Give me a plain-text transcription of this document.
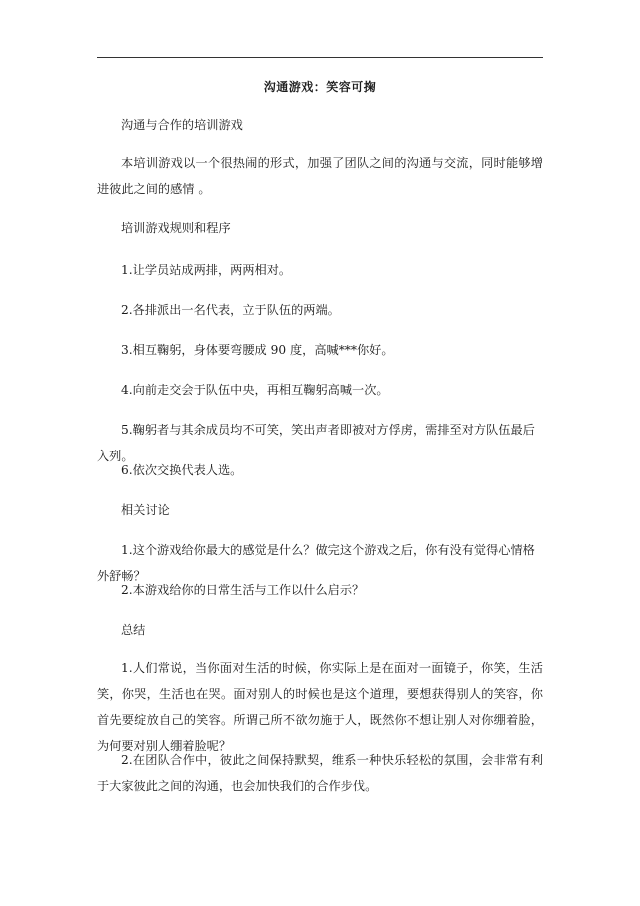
沟通游戏：笑容可掬

沟通与合作的培训游戏

本培训游戏以一个很热闹的形式，加强了团队之间的沟通与交流，同时能够增进彼此之间的感情 。

培训游戏规则和程序

1.让学员站成两排，两两相对。

2.各排派出一名代表，立于队伍的两端。

3.相互鞠躬，身体要弯腰成 90 度，高喊***你好。

4.向前走交会于队伍中央，再相互鞠躬高喊一次。

5.鞠躬者与其余成员均不可笑，笑出声者即被对方俘虏，需排至对方队伍最后入列。

6.依次交换代表人选。

相关讨论

1.这个游戏给你最大的感觉是什么？做完这个游戏之后，你有没有觉得心情格外舒畅？

2.本游戏给你的日常生活与工作以什么启示？

总结

1.人们常说，当你面对生活的时候，你实际上是在面对一面镜子，你笑，生活笑，你哭，生活也在哭。面对别人的时候也是这个道理，要想获得别人的笑容，你首先要绽放自己的笑容。所谓己所不欲勿施于人，既然你不想让别人对你绷着脸，为何要对别人绷着脸呢？

2.在团队合作中，彼此之间保持默契，维系一种快乐轻松的氛围，会非常有利于大家彼此之间的沟通，也会加快我们的合作步伐。
